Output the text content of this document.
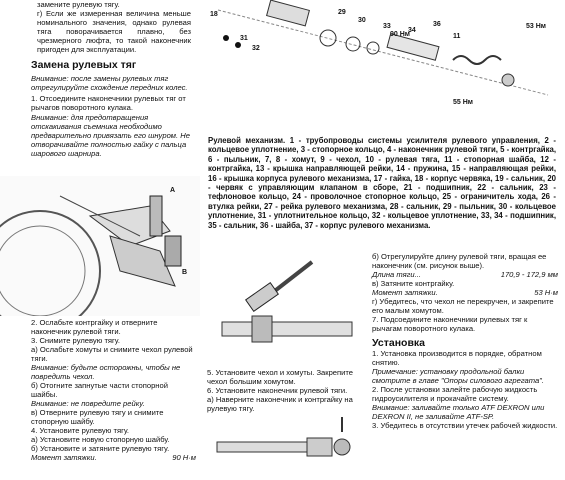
замените рулевую тягу.

г) Если же измеренная величина меньше номинального значения, однако рулевая тяга поворачивается плавно, без чрезмерного люфта, то такой наконечник пригоден для эксплуатации.

Замена рулевых тяг

Внимание: после замены рулевых тяг отрегулируйте схождение передних колес.

1. Отсоедините наконечники рулевых тяг от рычагов поворотного кулака.

Внимание: для предотвращения отскакивания съемника необходимо предварительно привязать его шнуром. Не отворачивайте полностью гайку с пальца шарового шарнира.

A
B

2. Ослабьте контргайку и отверните наконечник рулевой тяги.

3. Снимите рулевую тягу.

а) Ослабьте хомуты и снимите чехол рулевой тяги.

Внимание: будьте осторожны, чтобы не повредить чехол.

б) Отогните запнутые части стопорной шайбы.

Внимание: не повредите рейку.

в) Отверните рулевую тягу и снимите стопорную шайбу.

4. Установите рулевую тягу.

а) Установите новую стопорную шайбу.

б) Установите и затяните рулевую тягу.

Момент затяжки.	90 Н·м
18
31
32
29
30
33
34
36
11
90 Нм
55 Нм
53 Нм

Рулевой механизм. 1 - трубопроводы системы усилителя рулевого управления, 2 - кольцевое уплотнение, 3 - стопорное кольцо, 4 - наконечник рулевой тяги, 5 - контргайка, 6 - пыльник, 7, 8 - хомут, 9 - чехол, 10 - рулевая тяга, 11 - стопорная шайба, 12 - контргайка, 13 - крышка направляющей рейки, 14 - пружина, 15 - направляющая рейки, 16 - крышка корпуса рулевого механизма, 17 - гайка, 18 - корпус червяка, 19 - сальник, 20 - червяк с управляющим клапаном в сборе, 21 - подшипник, 22 - сальник, 23 - тефлоновое кольцо, 24 - проволочное стопорное кольцо, 25 - ограничитель хода, 26 - втулка рейки, 27 - рейка рулевого механизма, 28 - сальник, 29 - пыльник, 30 - кольцевое уплотнение, 31 - уплотнительное кольцо, 32 - кольцевое уплотнение, 33, 34 - подшипник, 35 - сальник, 36 - шайба, 37 - корпус рулевого механизма.

5. Установите чехол и хомуты. Закрепите чехол большим хомутом.

6. Установите наконечник рулевой тяги.

а) Наверните наконечник и контргайку на рулевую тягу.

б) Отрегулируйте длину рулевой тяги, вращая ее наконечник (см. рисунок выше).

Длина тяги...	170,9 - 172,9 мм

в) Затяните контргайку.

Момент затяжки.	53 Н·м

г) Убедитесь, что чехол не перекручен, и закрепите его малым хомутом.

7. Подсоедините наконечники рулевых тяг к рычагам поворотного кулака.

Установка

1. Установка производится в порядке, обратном снятию.

Примечание: установку продольной балки смотрите в главе "Опоры силового агрегата".

2. После установки залейте рабочую жидкость гидроусилителя и прокачайте систему.

Внимание: заливайте только ATF DEXRON или DEXRON II, не заливайте ATF-SP.

3. Убедитесь в отсутствии утечек рабочей жидкости.
